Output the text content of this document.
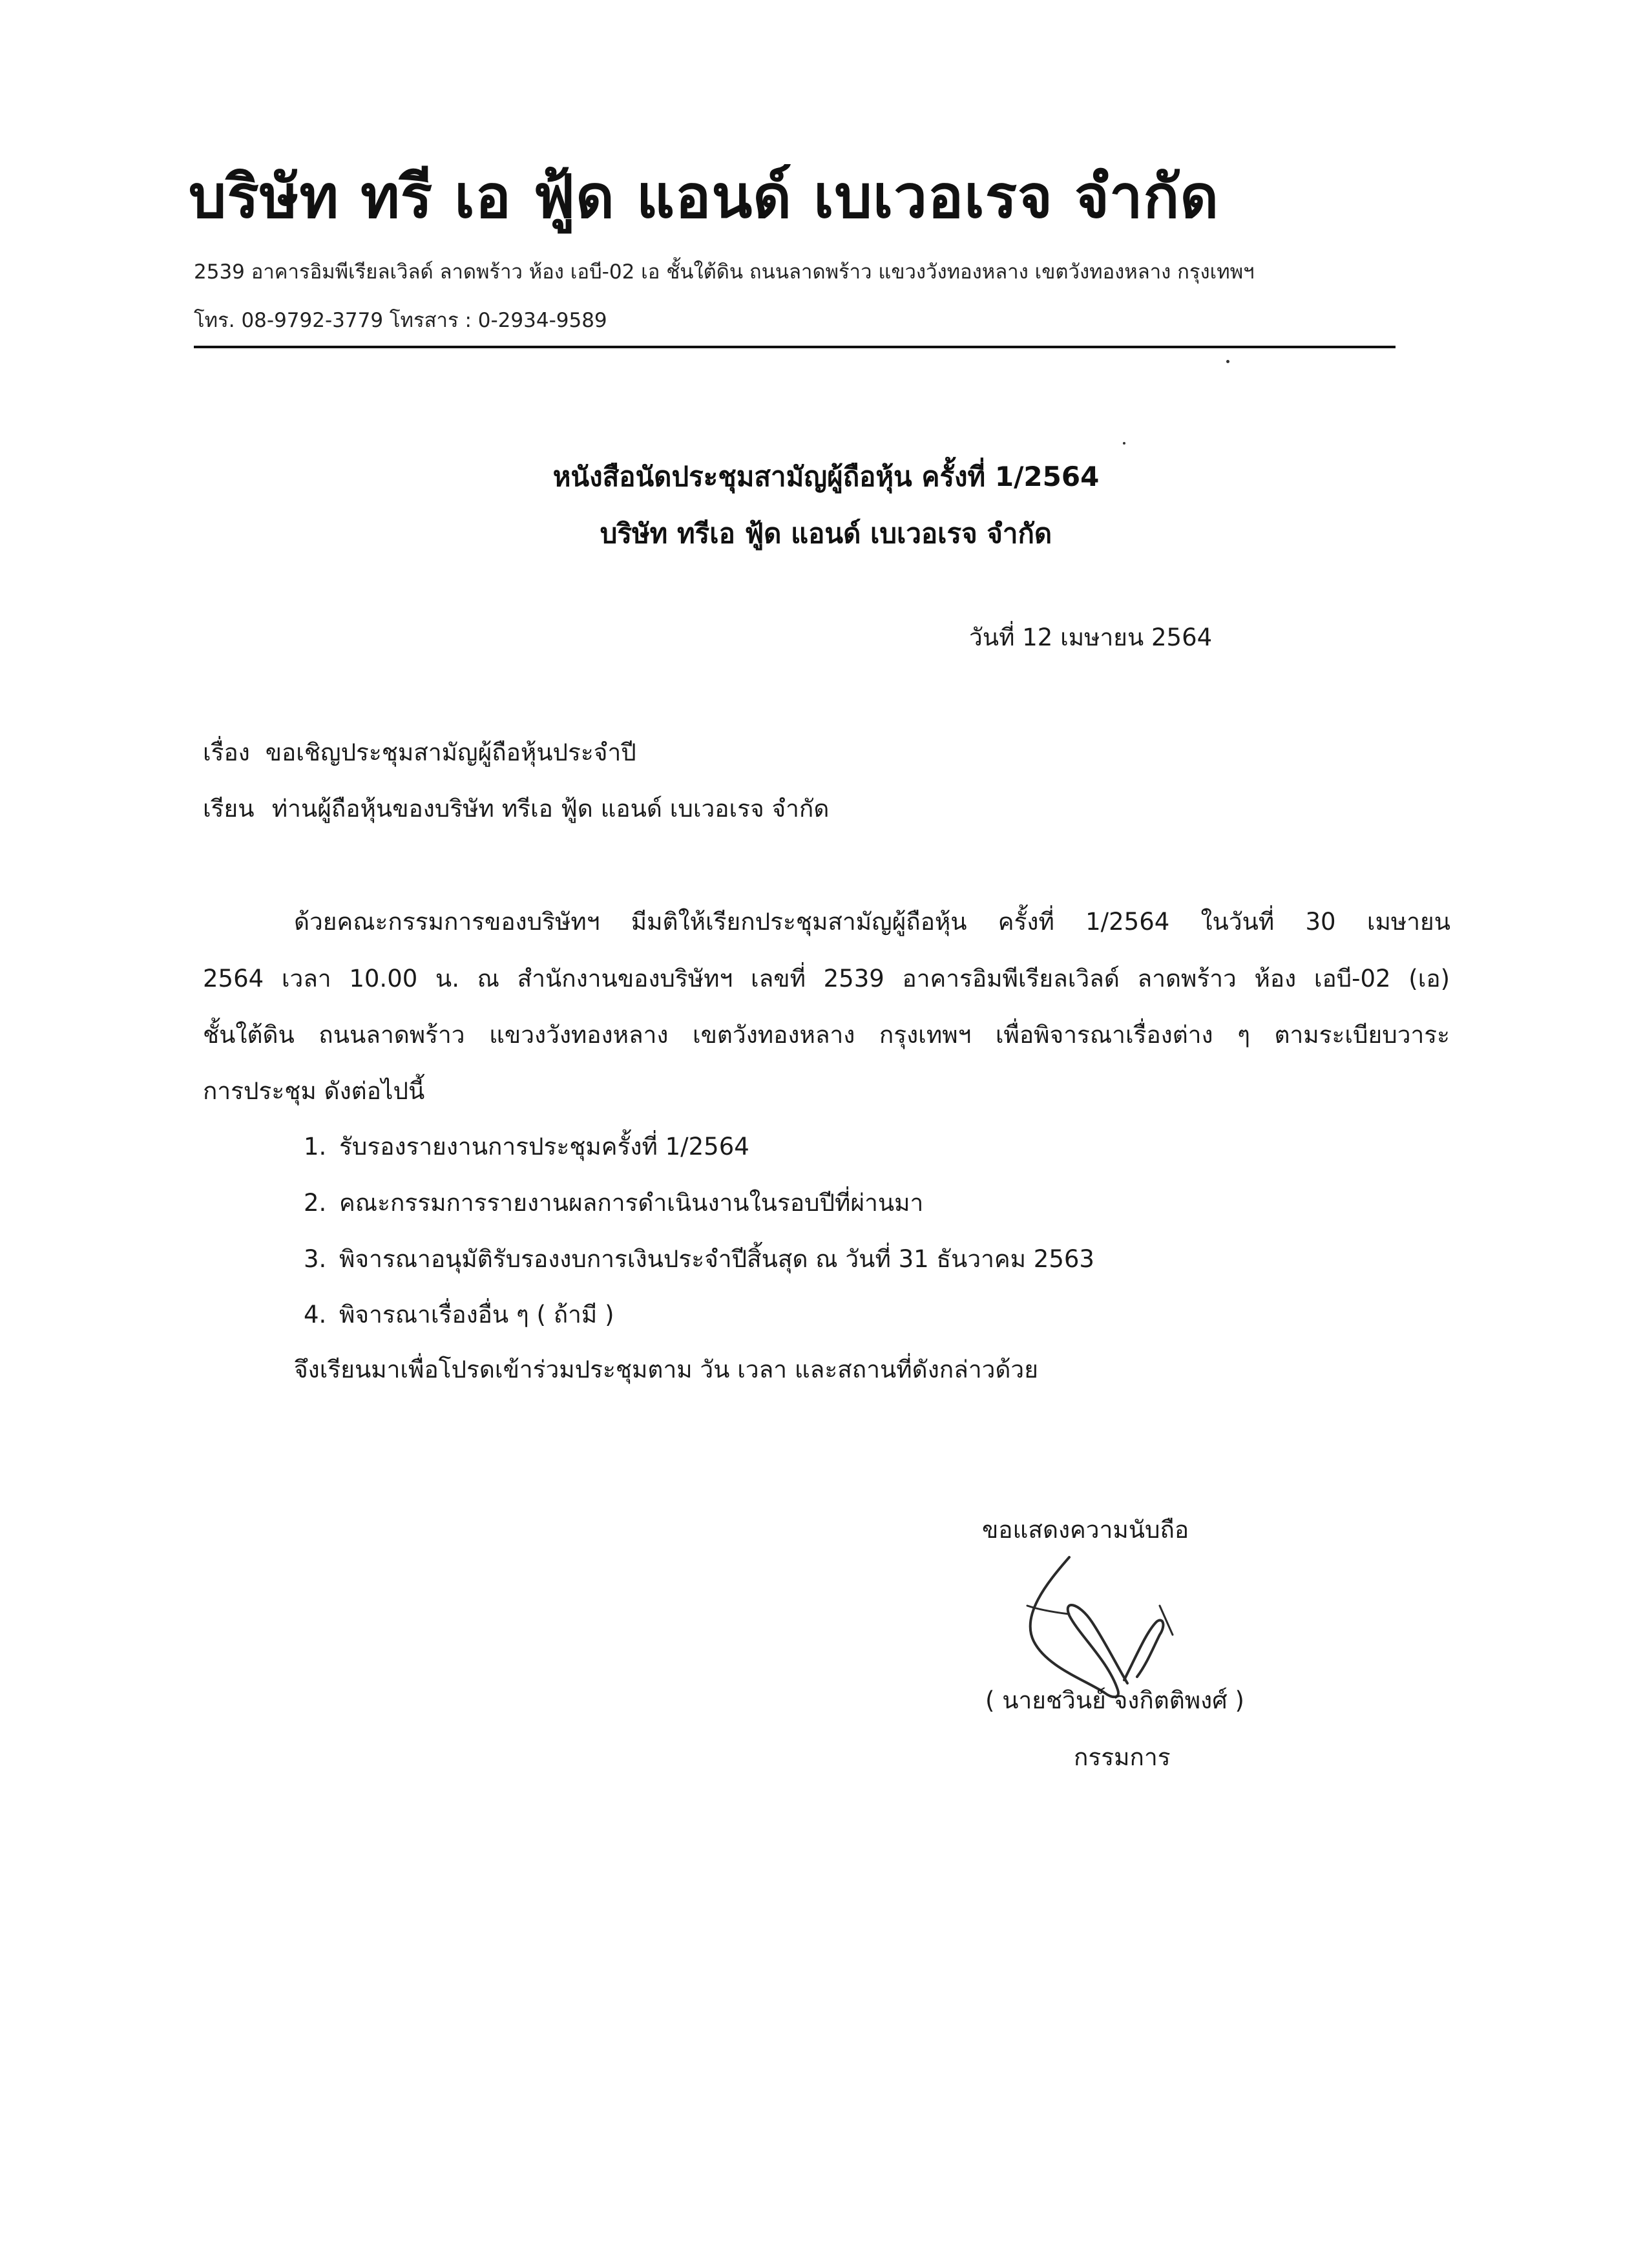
บริษัท ทรี เอ ฟู้ด แอนด์ เบเวอเรจ จำกัด
2539 อาคารอิมพีเรียลเวิลด์ ลาดพร้าว ห้อง เอบี-02 เอ ชั้นใต้ดิน ถนนลาดพร้าว แขวงวังทองหลาง เขตวังทองหลาง กรุงเทพฯ
โทร. 08-9792-3779 โทรสาร : 0-2934-9589
หนังสือนัดประชุมสามัญผู้ถือหุ้น ครั้งที่ 1/2564
บริษัท ทรีเอ ฟู้ด แอนด์ เบเวอเรจ จำกัด
วันที่ 12 เมษายน 2564
เรื่อง ขอเชิญประชุมสามัญผู้ถือหุ้นประจำปี
เรียน ท่านผู้ถือหุ้นของบริษัท ทรีเอ ฟู้ด แอนด์ เบเวอเรจ จำกัด
ด้วยคณะกรรมการของบริษัทฯ มีมติให้เรียกประชุมสามัญผู้ถือหุ้น ครั้งที่ 1/2564 ในวันที่ 30 เมษายน
2564 เวลา 10.00 น. ณ สำนักงานของบริษัทฯ เลขที่ 2539 อาคารอิมพีเรียลเวิลด์ ลาดพร้าว ห้อง เอบี-02 (เอ)
ชั้นใต้ดิน ถนนลาดพร้าว แขวงวังทองหลาง เขตวังทองหลาง กรุงเทพฯ เพื่อพิจารณาเรื่องต่าง ๆ ตามระเบียบวาระ
การประชุม ดังต่อไปนี้
1. รับรองรายงานการประชุมครั้งที่ 1/2564
2. คณะกรรมการรายงานผลการดำเนินงานในรอบปีที่ผ่านมา
3. พิจารณาอนุมัติรับรองงบการเงินประจำปีสิ้นสุด ณ วันที่ 31 ธันวาคม 2563
4. พิจารณาเรื่องอื่น ๆ ( ถ้ามี )
จึงเรียนมาเพื่อโปรดเข้าร่วมประชุมตาม วัน เวลา และสถานที่ดังกล่าวด้วย
ขอแสดงความนับถือ
( นายชวินย์ จงกิตติพงศ์ )
กรรมการ
